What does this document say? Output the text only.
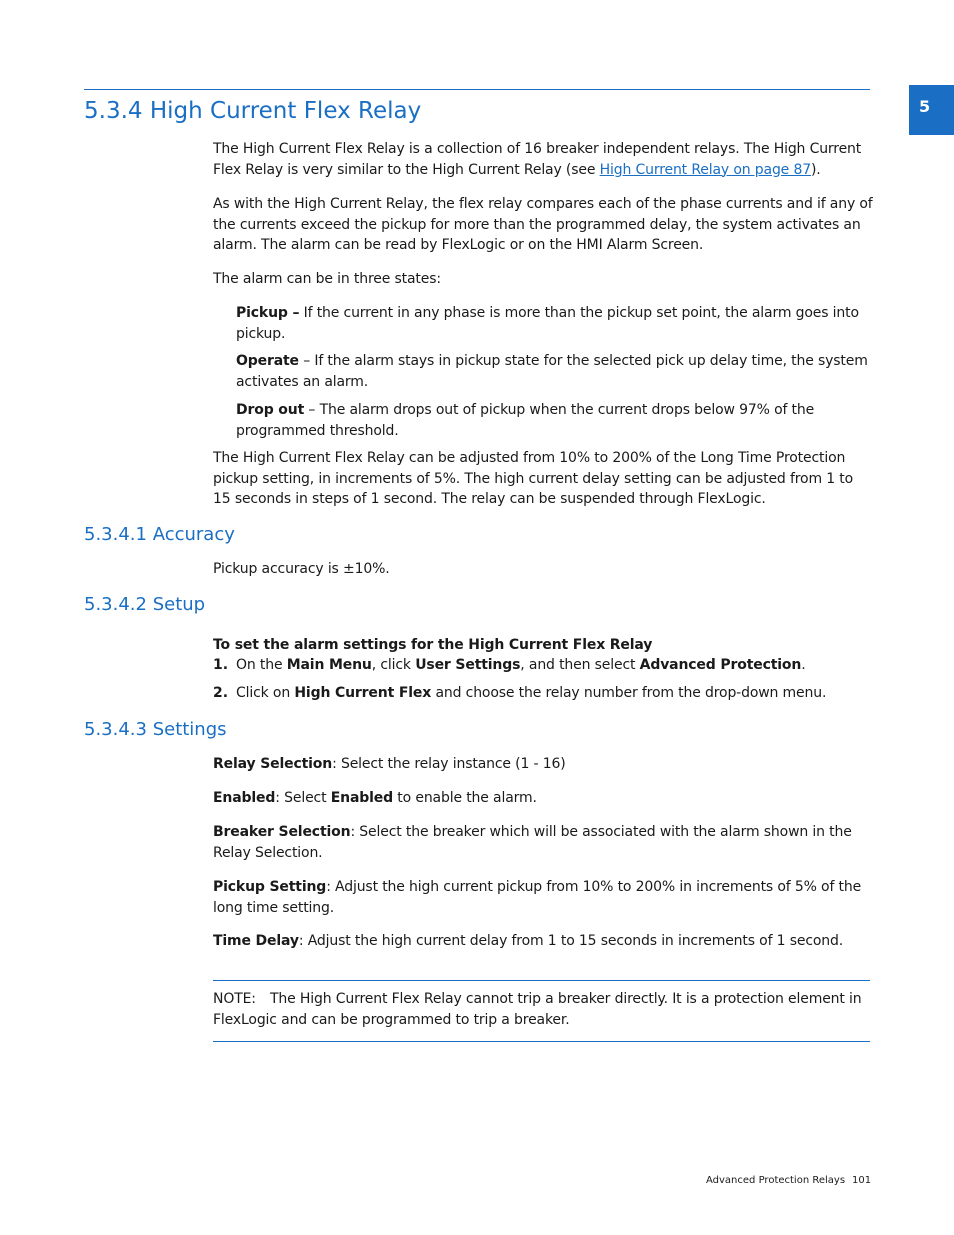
5
5.3.4 High Current Flex Relay
The High Current Flex Relay is a collection of 16 breaker independent relays. The High Current Flex Relay is very similar to the High Current Relay (see High Current Relay on page 87).
As with the High Current Relay, the flex relay compares each of the phase currents and if any of the currents exceed the pickup for more than the programmed delay, the system activates an alarm. The alarm can be read by FlexLogic or on the HMI Alarm Screen.
The alarm can be in three states:
Pickup – If the current in any phase is more than the pickup set point, the alarm goes into pickup.
Operate – If the alarm stays in pickup state for the selected pick up delay time, the system activates an alarm.
Drop out – The alarm drops out of pickup when the current drops below 97% of the programmed threshold.
The High Current Flex Relay can be adjusted from 10% to 200% of the Long Time Protection pickup setting, in increments of 5%. The high current delay setting can be adjusted from 1 to 15 seconds in steps of 1 second. The relay can be suspended through FlexLogic.
5.3.4.1 Accuracy
Pickup accuracy is ±10%.
5.3.4.2 Setup
To set the alarm settings for the High Current Flex Relay
1. On the Main Menu, click User Settings, and then select Advanced Protection.
2. Click on High Current Flex and choose the relay number from the drop-down menu.
5.3.4.3 Settings
Relay Selection: Select the relay instance (1 - 16)
Enabled: Select Enabled to enable the alarm.
Breaker Selection: Select the breaker which will be associated with the alarm shown in the Relay Selection.
Pickup Setting: Adjust the high current pickup from 10% to 200% in increments of 5% of the long time setting.
Time Delay: Adjust the high current delay from 1 to 15 seconds in increments of 1 second.
NOTE: The High Current Flex Relay cannot trip a breaker directly. It is a protection element in FlexLogic and can be programmed to trip a breaker.
Advanced Protection Relays 101
